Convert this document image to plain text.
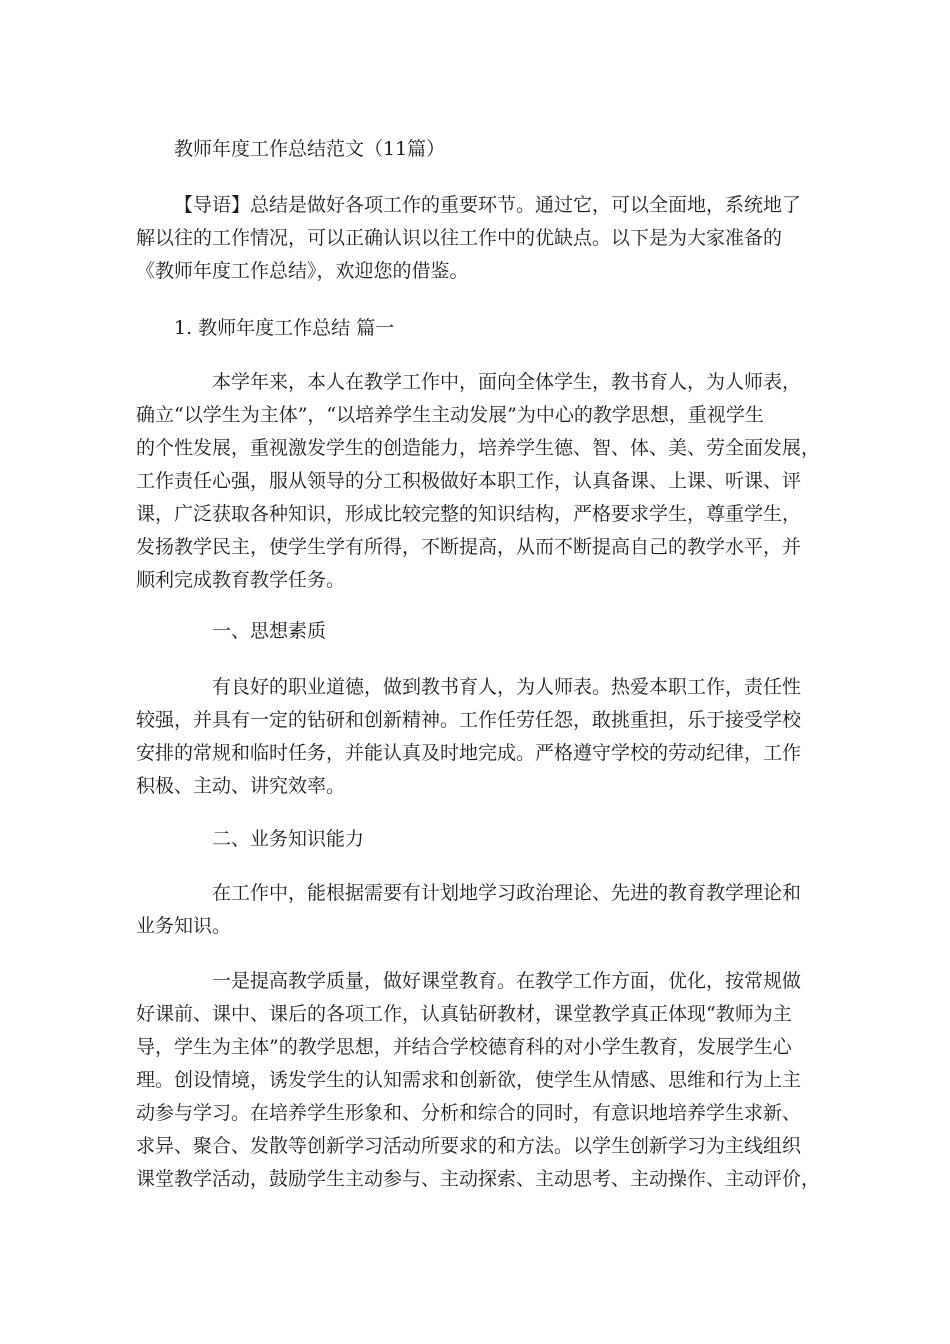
教师年度工作总结范文（11篇）
【导语】总结是做好各项工作的重要环节。通过它，可以全面地，系统地了
解以往的工作情况，可以正确认识以往工作中的优缺点。以下是为大家准备的
《教师年度工作总结》，欢迎您的借鉴。
1. 教师年度工作总结 篇一
本学年来，本人在教学工作中，面向全体学生，教书育人，为人师表，
确立“以学生为主体”，“以培养学生主动发展”为中心的教学思想，重视学生
的个性发展，重视激发学生的创造能力，培养学生德、智、体、美、劳全面发展，
工作责任心强，服从领导的分工积极做好本职工作，认真备课、上课、听课、评
课，广泛获取各种知识，形成比较完整的知识结构，严格要求学生，尊重学生，
发扬教学民主，使学生学有所得，不断提高，从而不断提高自己的教学水平，并
顺利完成教育教学任务。
一、思想素质
有良好的职业道德，做到教书育人，为人师表。热爱本职工作，责任性
较强，并具有一定的钻研和创新精神。工作任劳任怨，敢挑重担，乐于接受学校
安排的常规和临时任务，并能认真及时地完成。严格遵守学校的劳动纪律，工作
积极、主动、讲究效率。
二、业务知识能力
在工作中，能根据需要有计划地学习政治理论、先进的教育教学理论和
业务知识。
一是提高教学质量，做好课堂教育。在教学工作方面，优化，按常规做
好课前、课中、课后的各项工作，认真钻研教材，课堂教学真正体现“教师为主
导，学生为主体”的教学思想，并结合学校德育科的对小学生教育，发展学生心
理。创设情境，诱发学生的认知需求和创新欲，使学生从情感、思维和行为上主
动参与学习。在培养学生形象和、分析和综合的同时，有意识地培养学生求新、
求异、聚合、发散等创新学习活动所要求的和方法。以学生创新学习为主线组织
课堂教学活动，鼓励学生主动参与、主动探索、主动思考、主动操作、主动评价，
